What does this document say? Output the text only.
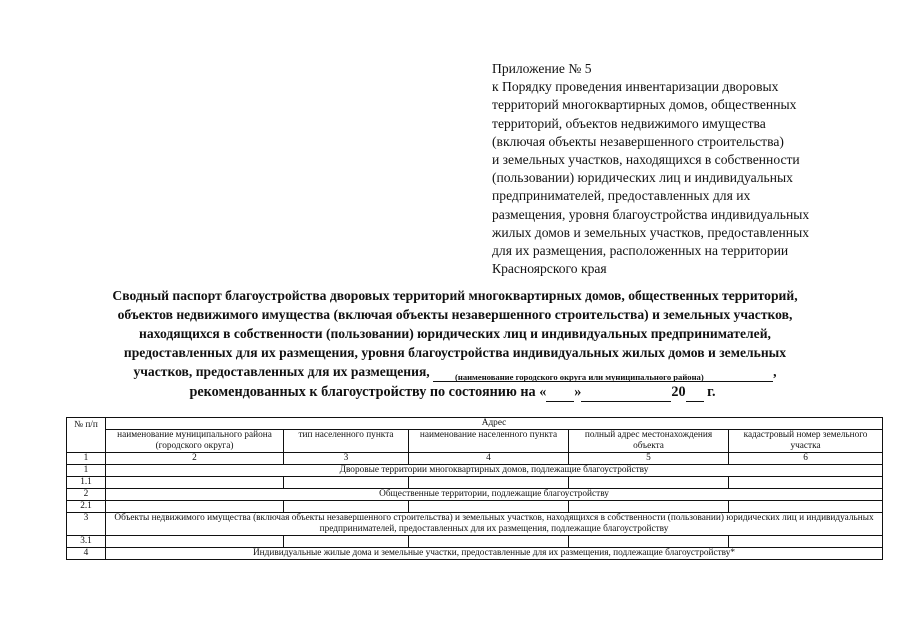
Приложение № 5
к Порядку проведения инвентаризации дворовых
территорий многоквартирных домов, общественных
территорий, объектов недвижимого имущества
(включая объекты незавершенного строительства)
и земельных участков, находящихся в собственности
(пользовании) юридических лиц и индивидуальных
предпринимателей, предоставленных для их
размещения, уровня благоустройства индивидуальных
жилых домов и земельных участков, предоставленных
для их размещения, расположенных на территории
Красноярского края
Сводный паспорт благоустройства дворовых территорий многоквартирных домов, общественных территорий,
объектов недвижимого имущества (включая объекты незавершенного строительства) и земельных участков,
находящихся в собственности (пользовании) юридических лиц и индивидуальных предпринимателей,
предоставленных для их размещения, уровня благоустройства индивидуальных жилых домов и земельных
участков, предоставленных для их размещения,	,
(наименование городского округа или муниципального района)
рекомендованных к благоустройству по состоянию на « »	20  г.
№ п/п	Адрес				
	наименование муниципального района (городского округа)	тип населенного пункта	наименование населенного пункта	полный адрес местонахождения объекта	кадастровый номер земельного участка
1	2	3	4	5	6
1	Дворовые территории многоквартирных домов, подлежащие благоустройству				
1.1					
2	Общественные территории, подлежащие благоустройству				
2.1					
3	Объекты недвижимого имущества (включая объекты незавершенного строительства) и земельных участков, находящихся в собственности (пользовании) юридических лиц и индивидуальных предпринимателей, предоставленных для их размещения, подлежащие благоустройству				
3.1					
4	Индивидуальные жилые дома и земельные участки, предоставленные для их размещения, подлежащие благоустройству*				
